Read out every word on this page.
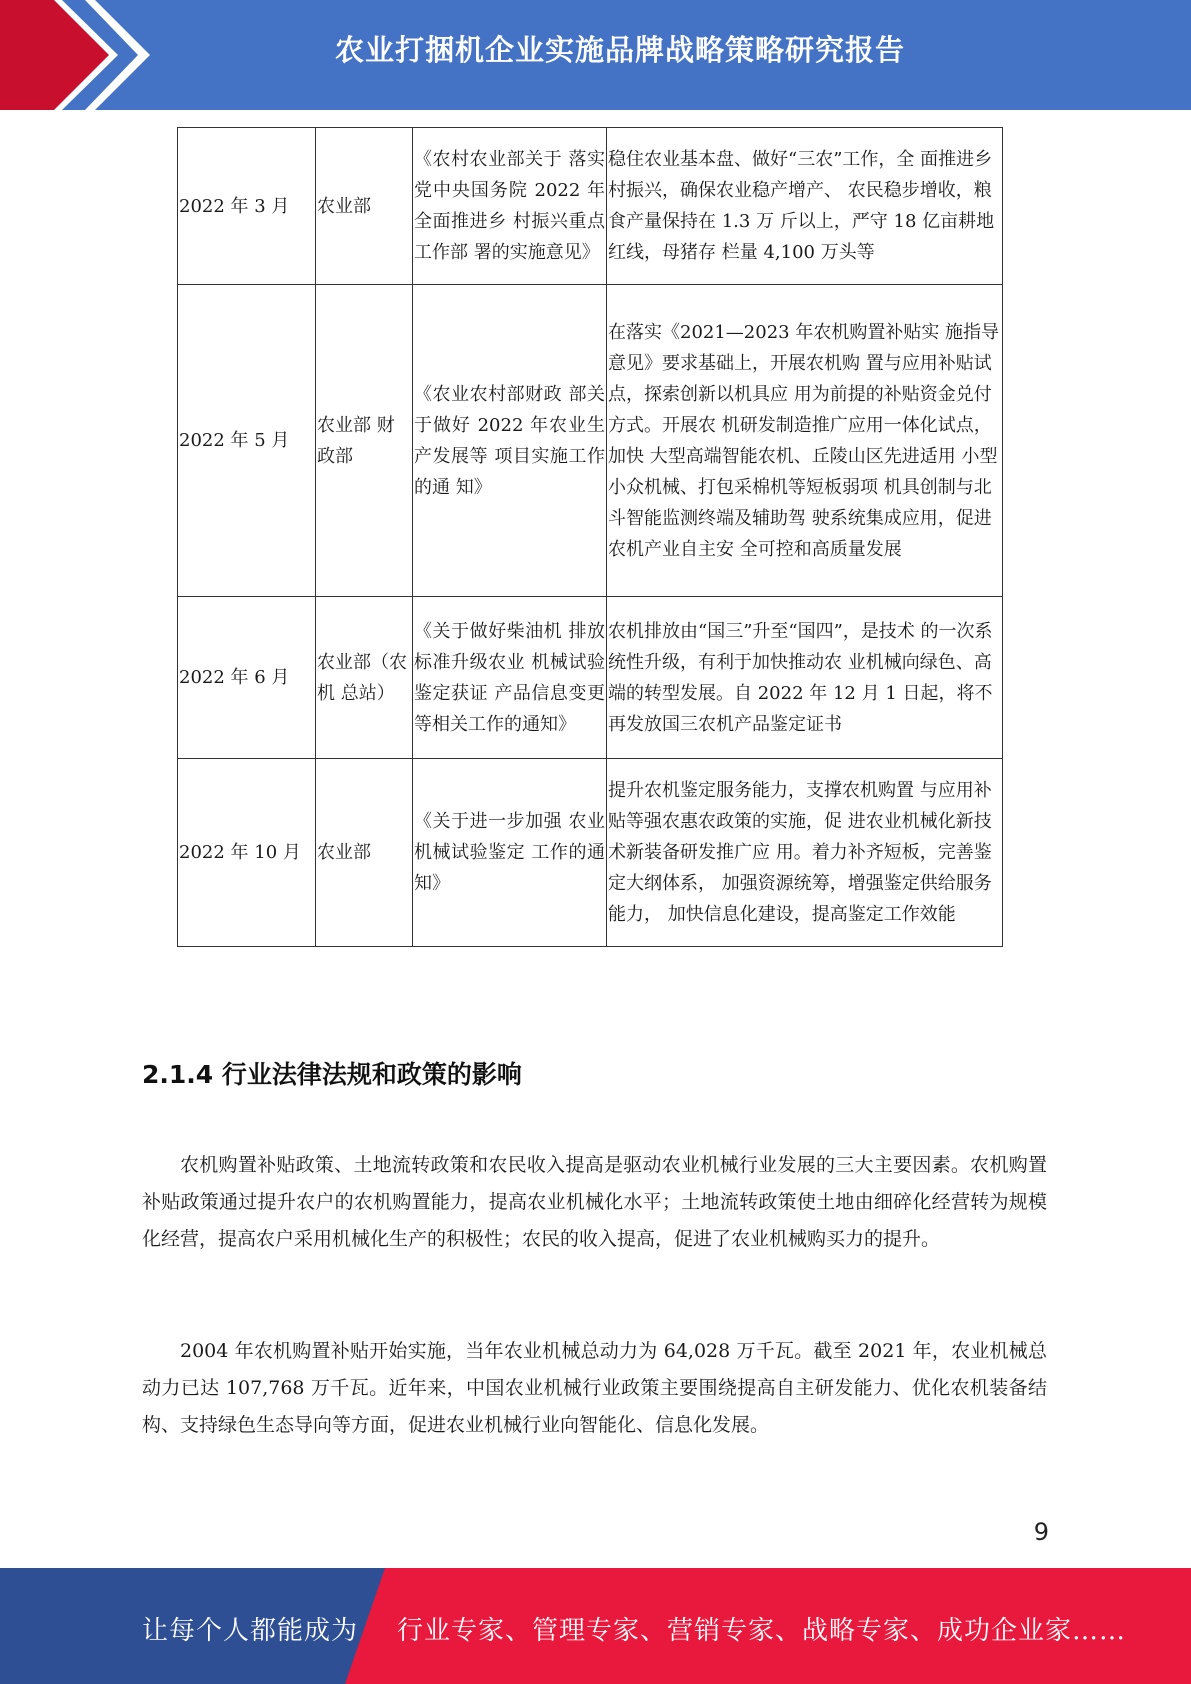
农业打捆机企业实施品牌战略策略研究报告
2022 年 3 月	农业部	《农村农业部关于 落实党中央国务院 2022 年全面推进乡 村振兴重点工作部 署的实施意见》	稳住农业基本盘、做好“三农”工作，全 面推进乡村振兴，确保农业稳产增产、 农民稳步增收，粮食产量保持在 1.3 万 斤以上，严守 18 亿亩耕地红线，母猪存 栏量 4,100 万头等
2022 年 5 月	农业部 财政部	《农业农村部财政 部关于做好 2022 年农业生产发展等 项目实施工作的通 知》	在落实《2021—2023 年农机购置补贴实 施指导意见》要求基础上，开展农机购 置与应用补贴试点，探索创新以机具应 用为前提的补贴资金兑付方式。开展农 机研发制造推广应用一体化试点，加快 大型高端智能农机、丘陵山区先进适用 小型小众机械、打包采棉机等短板弱项 机具创制与北斗智能监测终端及辅助驾 驶系统集成应用，促进农机产业自主安 全可控和高质量发展
2022 年 6 月	农业部（农机 总站）	《关于做好柴油机 排放标准升级农业 机械试验鉴定获证 产品信息变更等相关工作的通知》	农机排放由“国三”升至“国四”，是技术 的一次系统性升级，有利于加快推动农 业机械向绿色、高端的转型发展。自 2022 年 12 月 1 日起，将不再发放国三农机产品鉴定证书
2022 年 10 月	农业部	《关于进一步加强 农业机械试验鉴定 工作的通知》	提升农机鉴定服务能力，支撑农机购置 与应用补贴等强农惠农政策的实施，促 进农业机械化新技术新装备研发推广应 用。着力补齐短板，完善鉴定大纲体系， 加强资源统筹，增强鉴定供给服务能力， 加快信息化建设，提高鉴定工作效能
2.1.4 行业法律法规和政策的影响

农机购置补贴政策、土地流转政策和农民收入提高是驱动农业机械行业发展的三大主要因素。农机购置补贴政策通过提升农户的农机购置能力，提高农业机械化水平；土地流转政策使土地由细碎化经营转为规模化经营，提高农户采用机械化生产的积极性；农民的收入提高，促进了农业机械购买力的提升。

2004 年农机购置补贴开始实施，当年农业机械总动力为 64,028 万千瓦。截至 2021 年，农业机械总动力已达 107,768 万千瓦。近年来，中国农业机械行业政策主要围绕提高自主研发能力、优化农机装备结构、支持绿色生态导向等方面，促进农业机械行业向智能化、信息化发展。

9
让每个人都能成为 行业专家、管理专家、营销专家、战略专家、成功企业家……
